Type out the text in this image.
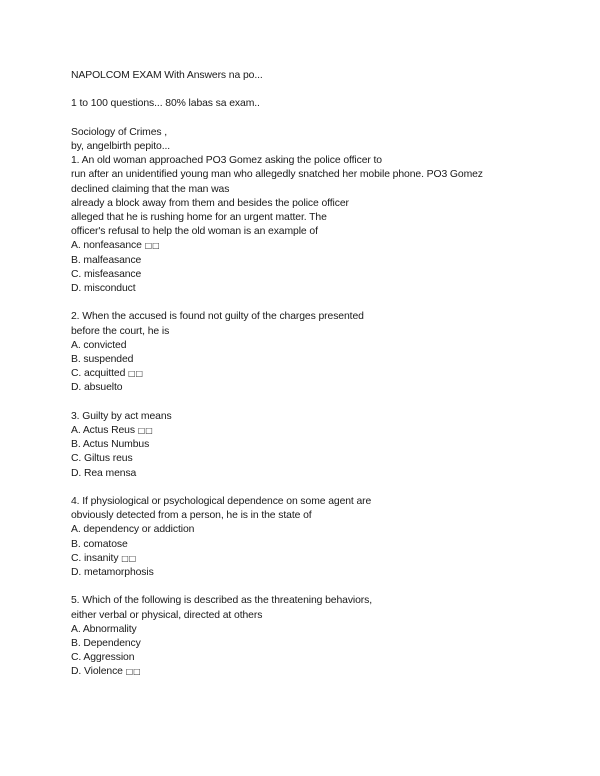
NAPOLCOM EXAM With Answers na po...

1 to 100 questions... 80% labas sa exam..

Sociology of Crimes ,

by, angelbirth pepito...

1. An old woman approached PO3 Gomez asking the police officer to

run after an unidentified young man who allegedly snatched her mobile phone. PO3 Gomez

declined claiming that the man was

already a block away from them and besides the police officer

alleged that he is rushing home for an urgent matter. The

officer's refusal to help the old woman is an example of

A. nonfeasance □□

B. malfeasance

C. misfeasance

D. misconduct

2. When the accused is found not guilty of the charges presented

before the court, he is

A. convicted

B. suspended

C. acquitted □□

D. absuelto

3. Guilty by act means

A. Actus Reus □□

B. Actus Numbus

C. Giltus reus

D. Rea mensa

4. If physiological or psychological dependence on some agent are

obviously detected from a person, he is in the state of

A. dependency or addiction

B. comatose

C. insanity □□

D. metamorphosis

5. Which of the following is described as the threatening behaviors,

either verbal or physical, directed at others

A. Abnormality

B. Dependency

C. Aggression

D. Violence □□
